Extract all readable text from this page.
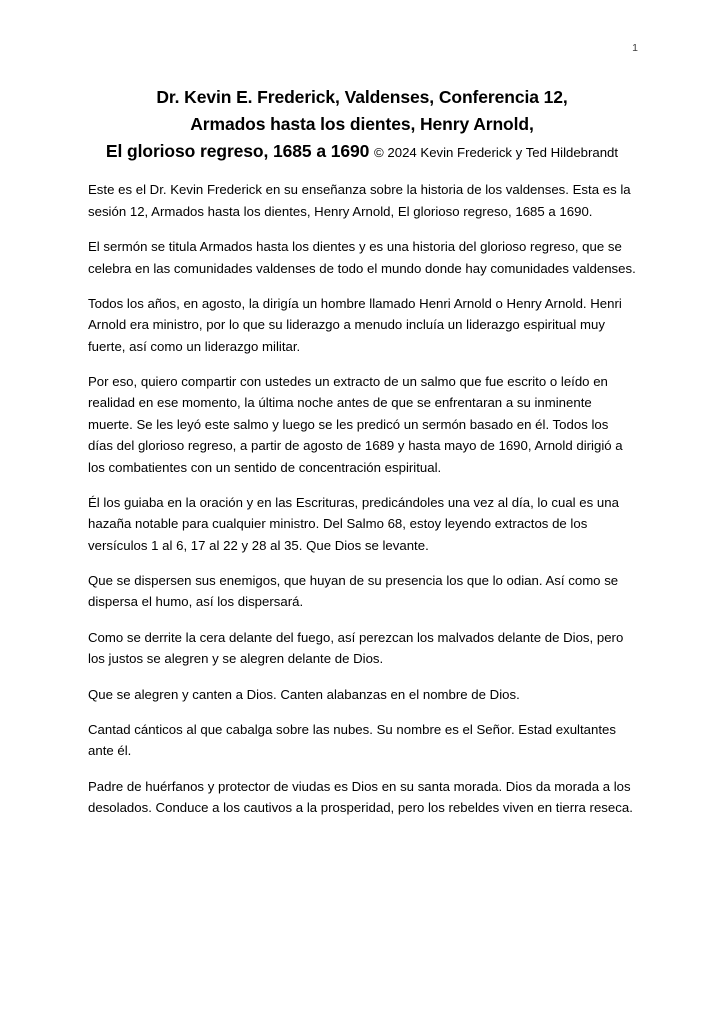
1
Dr. Kevin E. Frederick, Valdenses, Conferencia 12,
Armados hasta los dientes, Henry Arnold,
El glorioso regreso, 1685 a 1690 © 2024 Kevin Frederick y Ted Hildebrandt

Este es el Dr. Kevin Frederick en su enseñanza sobre la historia de los valdenses. Esta es la sesión 12, Armados hasta los dientes, Henry Arnold, El glorioso regreso, 1685 a 1690.

El sermón se titula Armados hasta los dientes y es una historia del glorioso regreso, que se celebra en las comunidades valdenses de todo el mundo donde hay comunidades valdenses.

Todos los años, en agosto, la dirigía un hombre llamado Henri Arnold o Henry Arnold. Henri Arnold era ministro, por lo que su liderazgo a menudo incluía un liderazgo espiritual muy fuerte, así como un liderazgo militar.

Por eso, quiero compartir con ustedes un extracto de un salmo que fue escrito o leído en realidad en ese momento, la última noche antes de que se enfrentaran a su inminente muerte. Se les leyó este salmo y luego se les predicó un sermón basado en él. Todos los días del glorioso regreso, a partir de agosto de 1689 y hasta mayo de 1690, Arnold dirigió a los combatientes con un sentido de concentración espiritual.

Él los guiaba en la oración y en las Escrituras, predicándoles una vez al día, lo cual es una hazaña notable para cualquier ministro. Del Salmo 68, estoy leyendo extractos de los versículos 1 al 6, 17 al 22 y 28 al 35. Que Dios se levante.

Que se dispersen sus enemigos, que huyan de su presencia los que lo odian. Así como se dispersa el humo, así los dispersará.

Como se derrite la cera delante del fuego, así perezcan los malvados delante de Dios, pero los justos se alegren y se alegren delante de Dios.

Que se alegren y canten a Dios. Canten alabanzas en el nombre de Dios.

Cantad cánticos al que cabalga sobre las nubes. Su nombre es el Señor. Estad exultantes ante él.

Padre de huérfanos y protector de viudas es Dios en su santa morada. Dios da morada a los desolados. Conduce a los cautivos a la prosperidad, pero los rebeldes viven en tierra reseca.
